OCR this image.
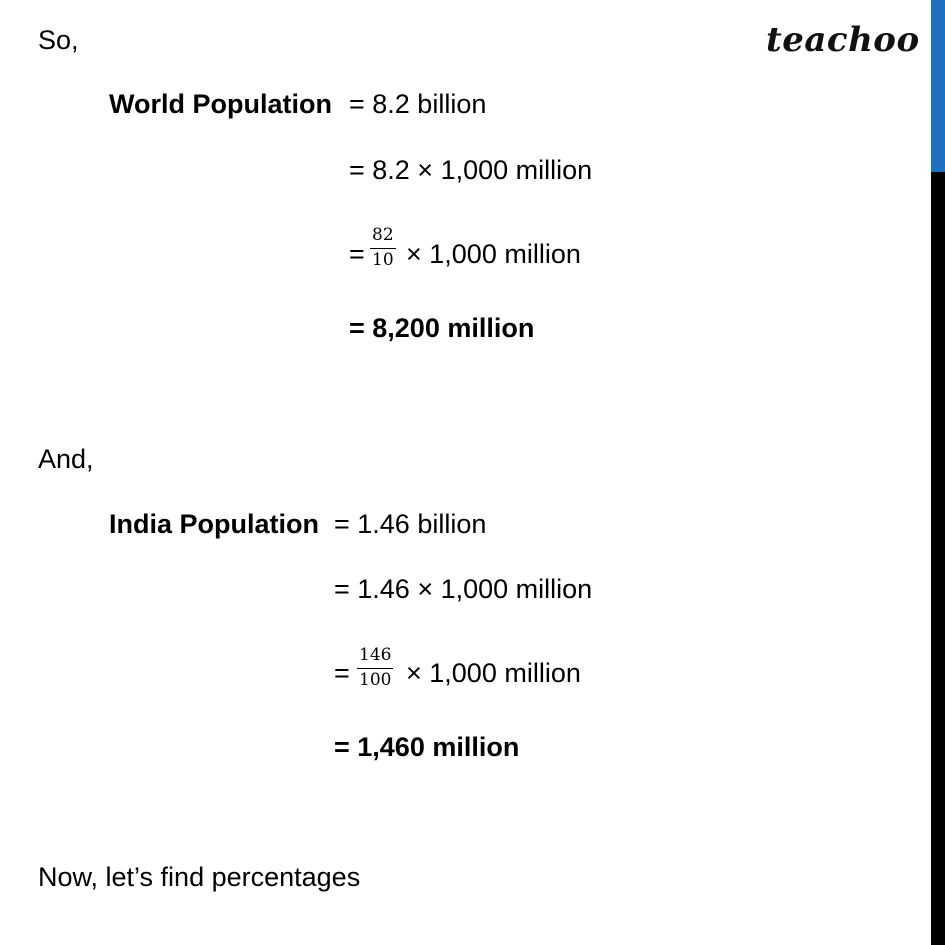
teachoo
So,
World Population = 8.2 billion
= 8.2 × 1,000 million
= $\frac{82}{10} \times 1,000$ million
= 8,200 million
And,
India Population = 1.46 billion
= 1.46 × 1,000 million
= $\frac{146}{100} \times 1,000$ million
= 1,460 million
Now, let’s find percentages
